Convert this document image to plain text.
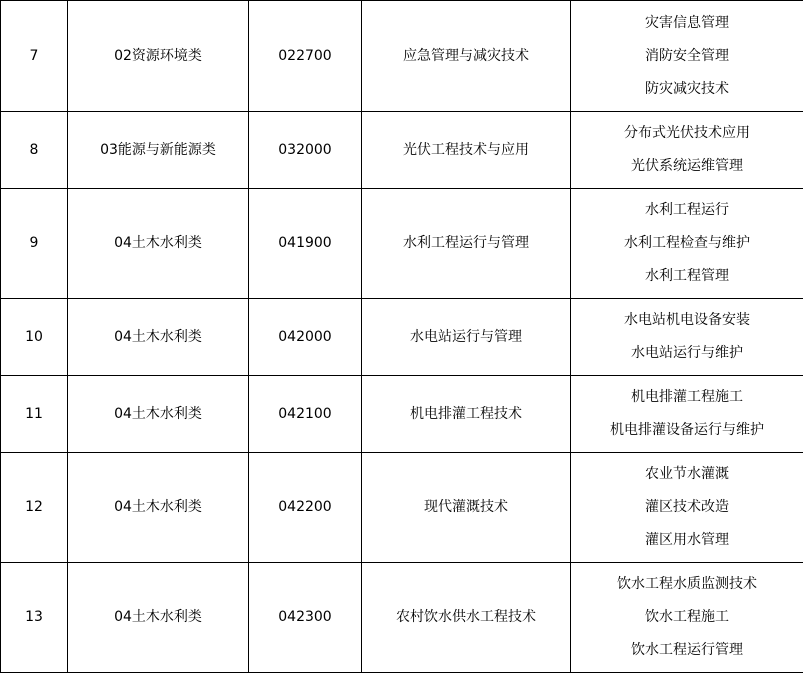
7	02资源环境类	022700	应急管理与减灾技术	灾害信息管理
消防安全管理
防灾减灾技术

8	03能源与新能源类	032000	光伏工程技术与应用	分布式光伏技术应用
光伏系统运维管理

9	04土木水利类	041900	水利工程运行与管理	水利工程运行
水利工程检查与维护
水利工程管理

10	04土木水利类	042000	水电站运行与管理	水电站机电设备安装
水电站运行与维护

11	04土木水利类	042100	机电排灌工程技术	机电排灌工程施工
机电排灌设备运行与维护

12	04土木水利类	042200	现代灌溉技术	农业节水灌溉
灌区技术改造
灌区用水管理

13	04土木水利类	042300	农村饮水供水工程技术	饮水工程水质监测技术
饮水工程施工
饮水工程运行管理
